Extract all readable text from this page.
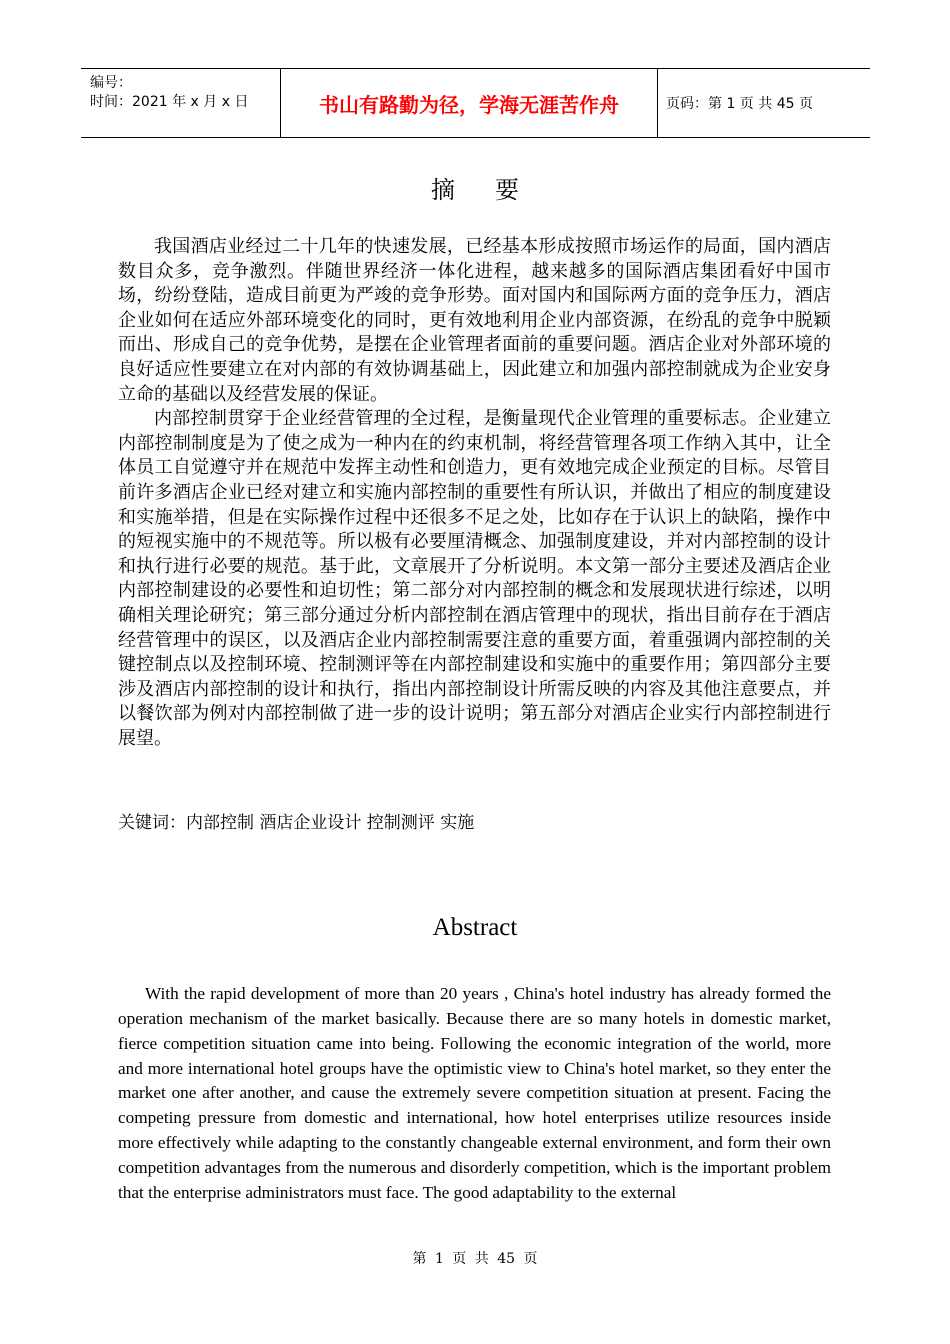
编号：
时间：2021 年 x 月 x 日	书山有路勤为径，学海无涯苦作舟	页码：第 1 页 共 45 页
摘要

我国酒店业经过二十几年的快速发展，已经基本形成按照市场运作的局面，国内酒店数目众多，竞争激烈。伴随世界经济一体化进程，越来越多的国际酒店集团看好中国市场，纷纷登陆，造成目前更为严竣的竞争形势。面对国内和国际两方面的竞争压力，酒店企业如何在适应外部环境变化的同时，更有效地利用企业内部资源，在纷乱的竞争中脱颖而出、形成自己的竞争优势，是摆在企业管理者面前的重要问题。酒店企业对外部环境的良好适应性要建立在对内部的有效协调基础上，因此建立和加强内部控制就成为企业安身立命的基础以及经营发展的保证。

内部控制贯穿于企业经营管理的全过程，是衡量现代企业管理的重要标志。企业建立内部控制制度是为了使之成为一种内在的约束机制，将经营管理各项工作纳入其中，让全体员工自觉遵守并在规范中发挥主动性和创造力，更有效地完成企业预定的目标。尽管目前许多酒店企业已经对建立和实施内部控制的重要性有所认识，并做出了相应的制度建设和实施举措，但是在实际操作过程中还很多不足之处，比如存在于认识上的缺陷，操作中的短视实施中的不规范等。所以极有必要厘清概念、加强制度建设，并对内部控制的设计和执行进行必要的规范。基于此，文章展开了分析说明。本文第一部分主要述及酒店企业内部控制建设的必要性和迫切性；第二部分对内部控制的概念和发展现状进行综述，以明确相关理论研究；第三部分通过分析内部控制在酒店管理中的现状，指出目前存在于酒店经营管理中的误区，以及酒店企业内部控制需要注意的重要方面，着重强调内部控制的关键控制点以及控制环境、控制测评等在内部控制建设和实施中的重要作用；第四部分主要涉及酒店内部控制的设计和执行，指出内部控制设计所需反映的内容及其他注意要点，并以餐饮部为例对内部控制做了进一步的设计说明；第五部分对酒店企业实行内部控制进行展望。

关键词：内部控制 酒店企业设计 控制测评 实施
Abstract

With the rapid development of more than 20 years , China's hotel industry has already formed the operation mechanism of the market basically. Because there are so many hotels in domestic market, fierce competition situation came into being. Following the economic integration of the world, more and more international hotel groups have the optimistic view to China's hotel market, so they enter the market one after another, and cause the extremely severe competition situation at present. Facing the competing pressure from domestic and international, how hotel enterprises utilize resources inside more effectively while adapting to the constantly changeable external environment, and form their own competition advantages from the numerous and disorderly competition, which is the important problem that the enterprise administrators must face. The good adaptability to the external

第 1 页 共 45 页
